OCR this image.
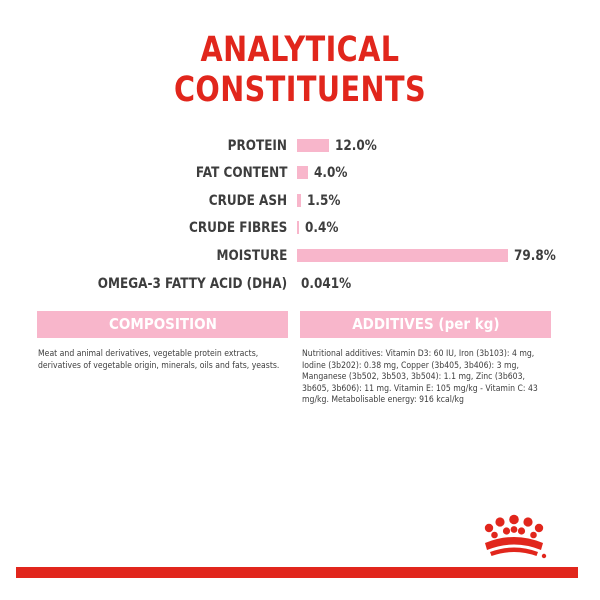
ANALYTICAL
CONSTITUENTS
PROTEIN	12.0%
FAT CONTENT 4.0%
CRUDE ASH 1.5%
CRUDE FIBRES 0.4%
MOISTURE	79.8%
OMEGA-3 FATTY ACID (DHA) 0.041%
COMPOSITION	ADDITIVES (per kg)
Meat and animal derivatives, vegetable protein extracts, derivatives of vegetable origin, minerals, oils and fats, yeasts.
Nutritional additives: Vitamin D3: 60 IU, Iron (3b103): 4 mg, Iodine (3b202): 0.38 mg, Copper (3b405, 3b406): 3 mg, Manganese (3b502, 3b503, 3b504): 1.1 mg, Zinc (3b603, 3b605, 3b606): 11 mg. Vitamin E: 105 mg/kg - Vitamin C: 43 mg/kg. Metabolisable energy: 916 kcal/kg
